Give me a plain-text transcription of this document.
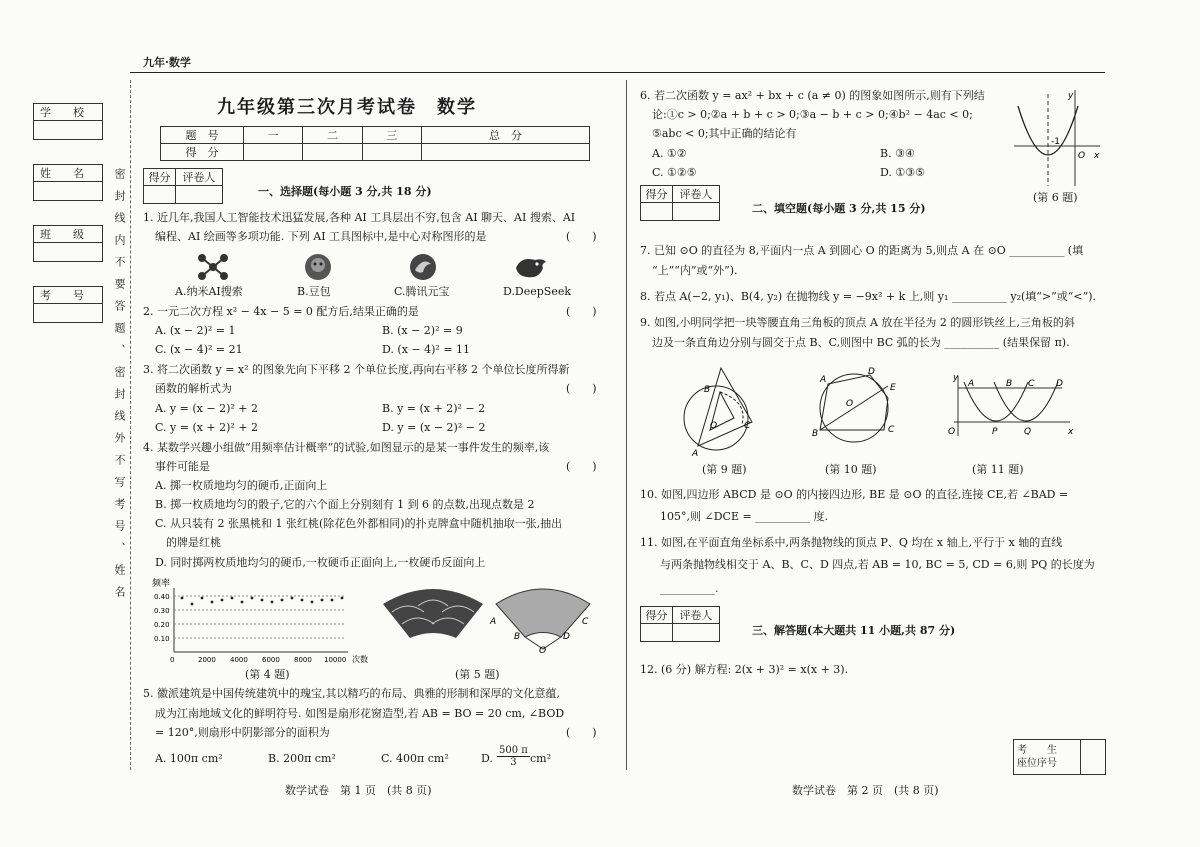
九年·数学
学　　校
姓　　名
班　　级
考　　号	密封线内不要答题、密封线外不写考号、姓名
九年级第三次月考试卷　数学
题　号	一	二	三	总　分
得　分				
得分	评卷人

一、选择题(每小题 3 分,共 18 分)
1. 近几年,我国人工智能技术迅猛发展,各种 AI 工具层出不穷,包含 AI 聊天、AI 搜索、AI
编程、AI 绘画等多项功能. 下列 AI 工具图标中,是中心对称图形的是	(　　)
A.纳米AI搜索	B.豆包	C.腾讯元宝	D.DeepSeek
2. 一元二次方程 x² − 4x − 5 = 0 配方后,结果正确的是	(　　)
A. (x − 2)² = 1	B. (x − 2)² = 9
C. (x − 4)² = 21	D. (x − 4)² = 11
3. 将二次函数 y = x² 的图象先向下平移 2 个单位长度,再向右平移 2 个单位长度所得新
函数的解析式为	(　　)
A. y = (x − 2)² + 2	B. y = (x + 2)² − 2
C. y = (x + 2)² + 2	D. y = (x − 2)² − 2
4. 某数学兴趣小组做“用频率估计概率”的试验,如图显示的是某一事件发生的频率,该
事件可能是	(　　)
A. 掷一枚质地均匀的硬币,正面向上
B. 掷一枚质地均匀的骰子,它的六个面上分别刻有 1 到 6 的点数,出现点数是 2
C. 从只装有 2 张黑桃和 1 张红桃(除花色外都相同)的扑克牌盒中随机抽取一张,抽出
的牌是红桃
D. 同时掷两枚质地均匀的硬币,一枚硬币正面向上,一枚硬币反面向上
频率
0.40
0.30
0.20
0.10
0	2000 4000 6000 8000 10000 次数
(第 4 题)
A
B
C
D
O
(第 5 题)
5. 徽派建筑是中国传统建筑中的瑰宝,其以精巧的布局、典雅的形制和深厚的文化意蕴,
成为江南地域文化的鲜明符号. 如图是扇形花窗造型,若 AB = BO = 20 cm, ∠BOD
= 120°,则扇形中阴影部分的面积为	(　　)
A. 100π cm²	B. 200π cm²	C. 400π cm²	D. $\frac{500 \pi}{3} cm^2$
数学试卷　第 1 页　(共 8 页)
6. 若二次函数 y = ax² + bx + c (a ≠ 0) 的图象如图所示,则有下列结
论:①c > 0;②a + b + c > 0;③a − b + c > 0;④b² − 4ac < 0;
⑤abc < 0;其中正确的结论有
A. ①②	B. ③④
C. ①②⑤	D. ①③⑤
y
x
O
-1
(第 6 题)
得分	评卷人

二、填空题(每小题 3 分,共 15 分)
7. 已知 ⊙O 的直径为 8,平面内一点 A 到圆心 O 的距离为 5,则点 A 在 ⊙O __________ (填
“上”“内”或“外”).
8. 若点 A(−2, y₁)、B(4, y₂) 在抛物线 y = −9x² + k 上,则 y₁ __________ y₂(填“>”或“<”).
9. 如图,小明同学把一块等腰直角三角板的顶点 A 放在半径为 2 的圆形铁丝上,三角板的斜
边及一条直角边分别与圆交于点 B、C,则图中 BC 弧的长为 __________ (结果保留 π).
B
C
O
A
(第 9 题)
A
D
E
O
B	C
(第 10 题)
y
x
O
A	B C D
P	Q
(第 11 题)
10. 如图,四边形 ABCD 是 ⊙O 的内接四边形, BE 是 ⊙O 的直径,连接 CE,若 ∠BAD =
105°,则 ∠DCE = __________ 度.
11. 如图,在平面直角坐标系中,两条抛物线的顶点 P、Q 均在 x 轴上,平行于 x 轴的直线
与两条抛物线相交于 A、B、C、D 四点,若 AB = 10, BC = 5, CD = 6,则 PQ 的长度为
__________.
得分	评卷人

三、解答题(本大题共 11 小题,共 87 分)
12. (6 分) 解方程: 2(x + 3)² = x(x + 3).
考　　生
座位序号

数学试卷　第 2 页　(共 8 页)
